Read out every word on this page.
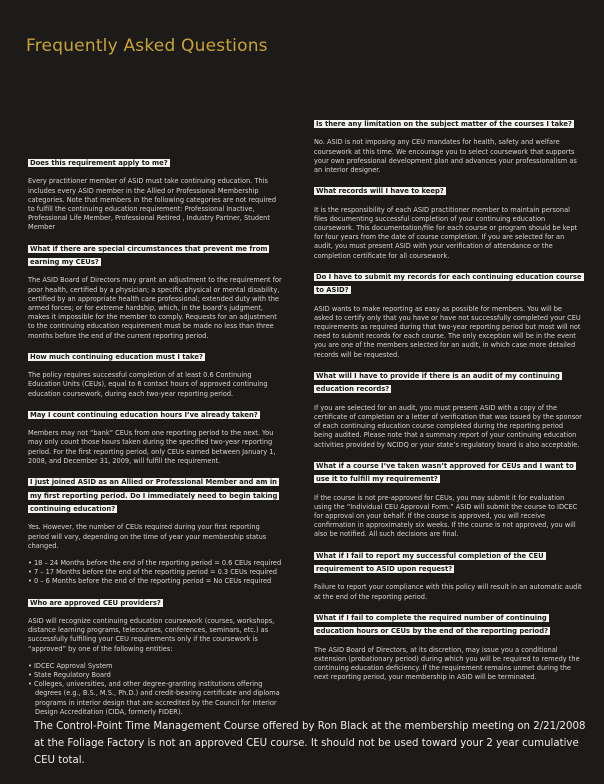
Frequently Asked Questions
Does this requirement apply to me?

Every practitioner member of ASID must take continuing education. This includes every ASID member in the Allied or Professional Membership categories. Note that members in the following categories are not required to fulfill the continuing education requirement: Professional Inactive, Professional Life Member, Professional Retired , Industry Partner, Student Member

What if there are special circumstances that prevent me from earning my CEUs?

The ASID Board of Directors may grant an adjustment to the requirement for poor health, certified by a physician; a specific physical or mental disability, certified by an appropriate health care professional; extended duty with the armed forces; or for extreme hardship, which, in the board’s judgment, makes it impossible for the member to comply. Requests for an adjustment to the continuing education requirement must be made no less than three months before the end of the current reporting period.

How much continuing education must I take?

The policy requires successful completion of at least 0.6 Continuing Education Units (CEUs), equal to 6 contact hours of approved continuing education coursework, during each two-year reporting period.

May I count continuing education hours I’ve already taken?

Members may not “bank” CEUs from one reporting period to the next. You may only count those hours taken during the specified two-year reporting period. For the first reporting period, only CEUs earned between January 1, 2008, and December 31, 2009, will fulfill the requirement.

I just joined ASID as an Allied or Professional Member and am in my first reporting period. Do I immediately need to begin taking continuing education?

Yes. However, the number of CEUs required during your first reporting period will vary, depending on the time of year your membership status changed.

• 18 – 24 Months before the end of the reporting period = 0.6 CEUs required
• 7 – 17 Months before the end of the reporting period = 0.3 CEUs required
• 0 – 6 Months before the end of the reporting period = No CEUs required
Who are approved CEU providers?

ASID will recognize continuing education coursework (courses, workshops, distance learning programs, telecourses, conferences, seminars, etc.) as successfully fulfilling your CEU requirements only if the coursework is “approved” by one of the following entities:

• IDCEC Approval System
• State Regulatory Board
• Colleges, universities, and other degree-granting institutions offering degrees (e.g., B.S., M.S., Ph.D.) and credit-bearing certificate and diploma programs in interior design that are accredited by the Council for Interior Design Accreditation (CIDA, formerly FIDER).
Is there any limitation on the subject matter of the courses I take?

No. ASID is not imposing any CEU mandates for health, safety and welfare coursework at this time. We encourage you to select coursework that supports your own professional development plan and advances your professionalism as an interior designer.

What records will I have to keep?

It is the responsibility of each ASID practitioner member to maintain personal files documenting successful completion of your continuing education coursework. This documentation/file for each course or program should be kept for four years from the date of course completion. If you are selected for an audit, you must present ASID with your verification of attendance or the completion certificate for all coursework.

Do I have to submit my records for each continuing education course to ASID?

ASID wants to make reporting as easy as possible for members. You will be asked to certify only that you have or have not successfully completed your CEU requirements as required during that two-year reporting period but most will not need to submit records for each course. The only exception will be in the event you are one of the members selected for an audit, in which case more detailed records will be requested.

What will I have to provide if there is an audit of my continuing education records?

If you are selected for an audit, you must present ASID with a copy of the certificate of completion or a letter of verification that was issued by the sponsor of each continuing education course completed during the reporting period being audited. Please note that a summary report of your continuing education activities provided by NCIDQ or your state’s regulatory board is also acceptable.

What if a course I’ve taken wasn’t approved for CEUs and I want to use it to fulfill my requirement?

If the course is not pre-approved for CEUs, you may submit it for evaluation using the “Individual CEU Approval Form.” ASID will submit the course to IDCEC for approval on your behalf. If the course is approved, you will receive confirmation in approximately six weeks. If the course is not approved, you will also be notified. All such decisions are final.

What if I fail to report my successful completion of the CEU requirement to ASID upon request?

Failure to report your compliance with this policy will result in an automatic audit at the end of the reporting period.

What if I fail to complete the required number of continuing education hours or CEUs by the end of the reporting period?

The ASID Board of Directors, at its discretion, may issue you a conditional extension (probationary period) during which you will be required to remedy the continuing education deficiency. If the requirement remains unmet during the next reporting period, your membership in ASID will be terminated.

The Control-Point Time Management Course offered by Ron Black at the membership meeting on 2/21/2008 at the Foliage Factory is not an approved CEU course. It should not be used toward your 2 year cumulative CEU total.
